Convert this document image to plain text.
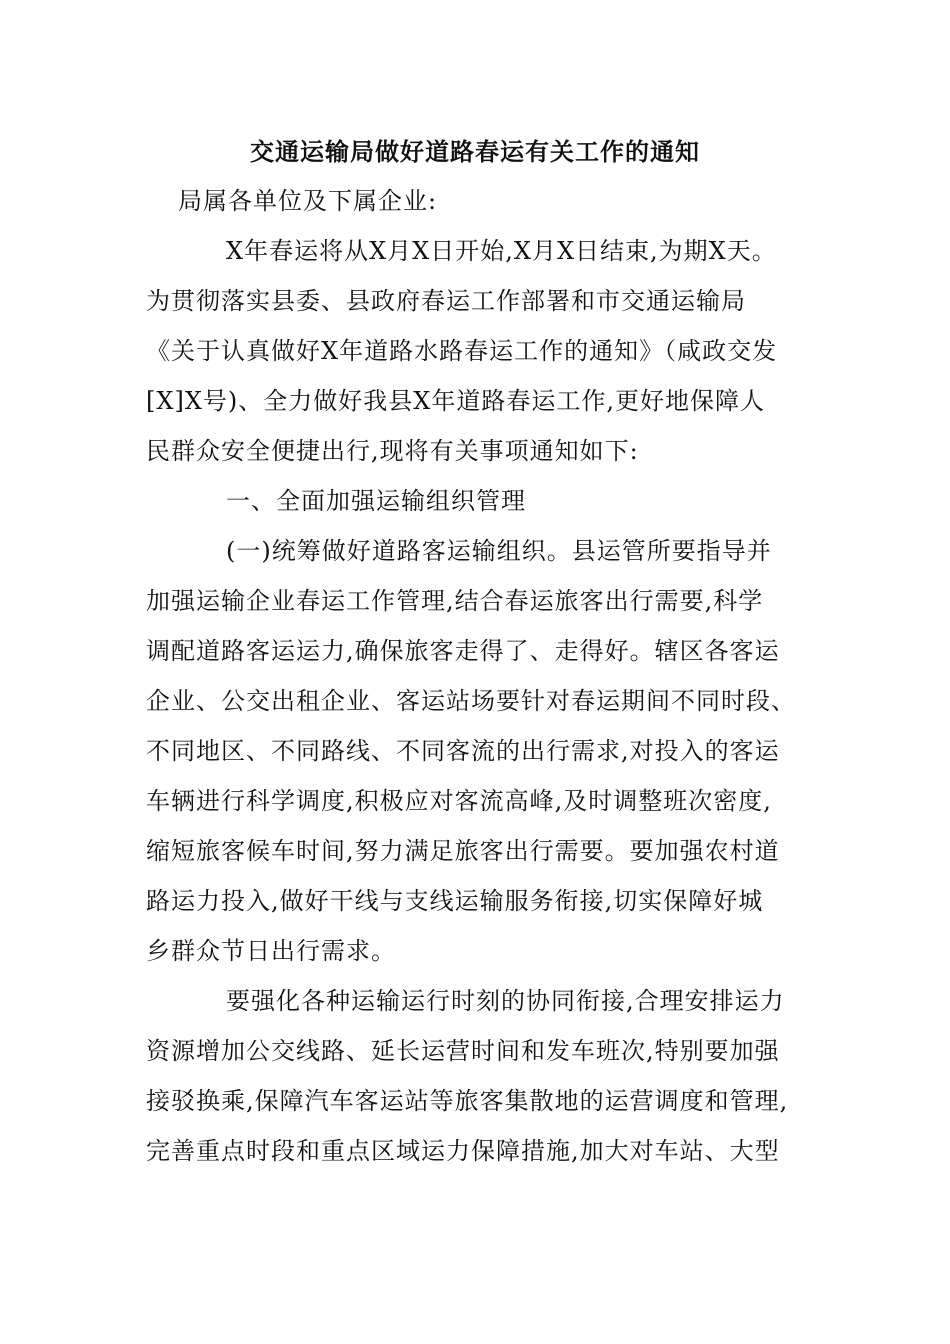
交通运输局做好道路春运有关工作的通知
局属各单位及下属企业:
X年春运将从X月X日开始,X月X日结束,为期X天。
为贯彻落实县委、县政府春运工作部署和市交通运输局
《关于认真做好X年道路水路春运工作的通知》（咸政交发
[X]X号)、全力做好我县X年道路春运工作,更好地保障人
民群众安全便捷出行,现将有关事项通知如下:
一、全面加强运输组织管理
(一)统筹做好道路客运输组织。县运管所要指导并
加强运输企业春运工作管理,结合春运旅客出行需要,科学
调配道路客运运力,确保旅客走得了、走得好。辖区各客运
企业、公交出租企业、客运站场要针对春运期间不同时段、
不同地区、不同路线、不同客流的出行需求,对投入的客运
车辆进行科学调度,积极应对客流高峰,及时调整班次密度,
缩短旅客候车时间,努力满足旅客出行需要。要加强农村道
路运力投入,做好干线与支线运输服务衔接,切实保障好城
乡群众节日出行需求。
要强化各种运输运行时刻的协同衔接,合理安排运力
资源增加公交线路、延长运营时间和发车班次,特别要加强
接驳换乘,保障汽车客运站等旅客集散地的运营调度和管理,
完善重点时段和重点区域运力保障措施,加大对车站、大型
